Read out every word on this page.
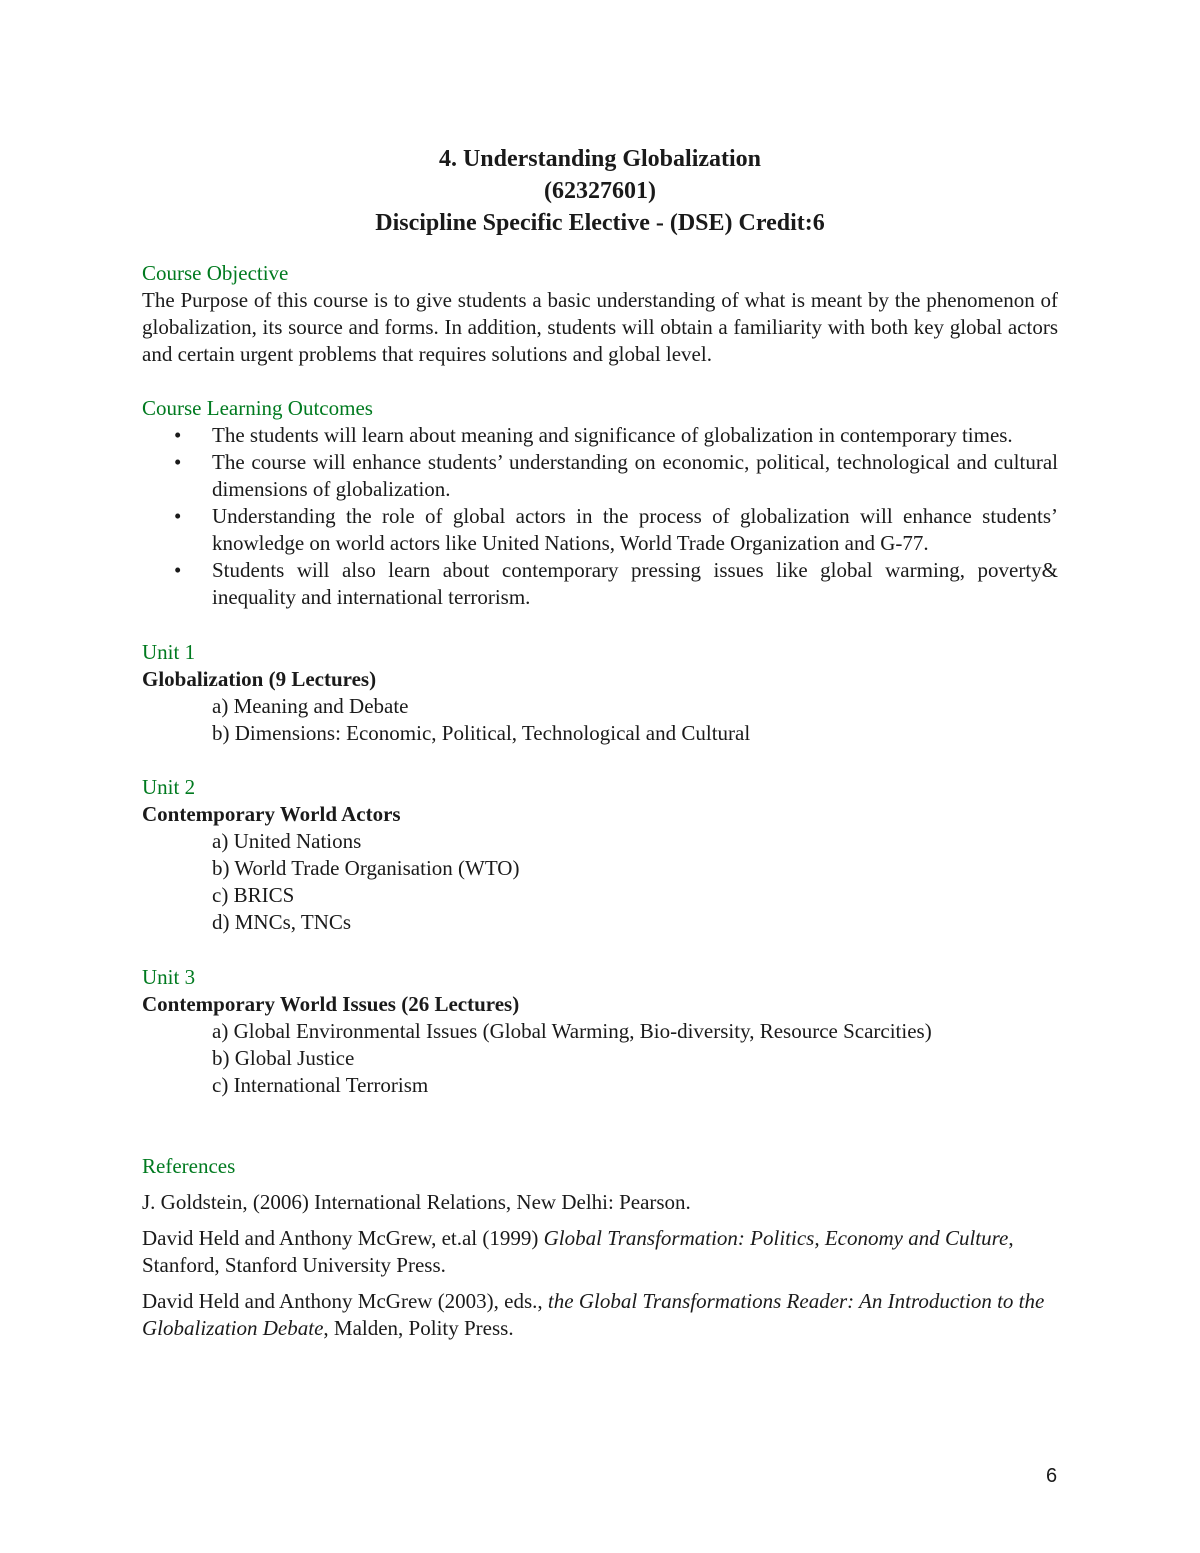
4. Understanding Globalization
(62327601)
Discipline Specific Elective - (DSE) Credit:6
Course Objective
The Purpose of this course is to give students a basic understanding of what is meant by the phenomenon of globalization, its source and forms. In addition, students will obtain a familiarity with both key global actors and certain urgent problems that requires solutions and global level.
Course Learning Outcomes
• The students will learn about meaning and significance of globalization in contemporary times.
• The course will enhance students’ understanding on economic, political, technological and cultural dimensions of globalization.
• Understanding the role of global actors in the process of globalization will enhance students’ knowledge on world actors like United Nations, World Trade Organization and G-77.
• Students will also learn about contemporary pressing issues like global warming, poverty& inequality and international terrorism.
Unit 1
Globalization (9 Lectures)
a) Meaning and Debate
b) Dimensions: Economic, Political, Technological and Cultural
Unit 2
Contemporary World Actors
a) United Nations
b) World Trade Organisation (WTO)
c) BRICS
d) MNCs, TNCs
Unit 3
Contemporary World Issues (26 Lectures)
a) Global Environmental Issues (Global Warming, Bio-diversity, Resource Scarcities)
b) Global Justice
c) International Terrorism
References
J. Goldstein, (2006) International Relations, New Delhi: Pearson.
David Held and Anthony McGrew, et.al (1999) Global Transformation: Politics, Economy and Culture, Stanford, Stanford University Press.
David Held and Anthony McGrew (2003), eds., the Global Transformations Reader: An Introduction to the Globalization Debate, Malden, Polity Press.
6
